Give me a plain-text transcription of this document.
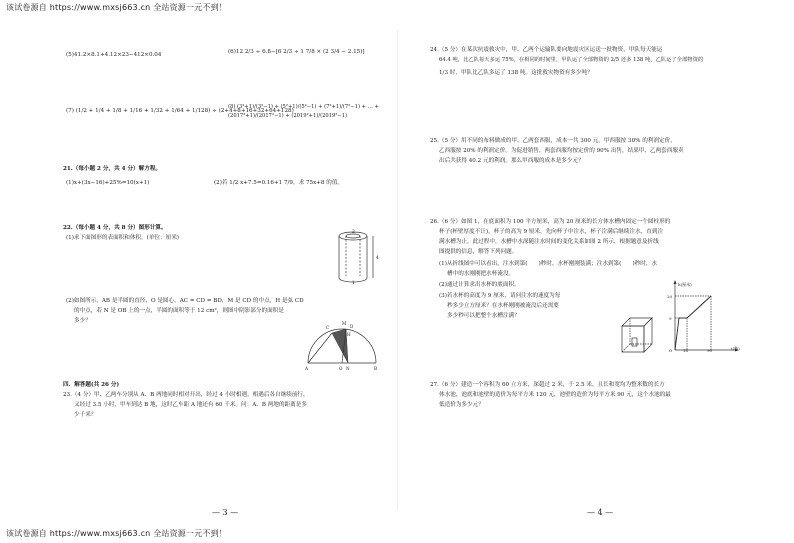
该试卷源自 https://www.mxsj663.cn 全站资源一元不到！
该试卷源自 https://www.mxsj663.cn 全站资源一元不到！
(5)41.2×8.1+4.12×23−412×0.04	(6)12 2/3 ÷ 6.8−[6 2/3 ÷ 1 7/8 × (2 3/4 − 2.15)]
(7) (1/2 + 1/4 + 1/8 + 1/16 + 1/32 + 1/64 + 1/128) ÷ (2+4+8+16+32+64+128)
(8) (3²+1)/(3²−1) + (5²+1)/(5²−1) + (7²+1)/(7²−1) + … + (2017²+1)/(2017²−1) + (2019²+1)/(2019²−1)
21.（每小题 2 分，共 4 分）解方程。
(1)x+(3x−16)+25%=10(x+1)	(2)若 1/2 x+7.5=0.16+1 7/9，求 75x+8 的值。
22.（每小题 4 分，共 8 分）图形计算。
(1)求下面图形的表面积和体积。(单位：厘米)
2
4
1
(2)如图所示，AB 是半圆的直径，O 是圆心，AC = CD = BD，M 是 CD 的中点，H 是弦 CD
的中点，若 N 是 OB 上的一点，半圆的面积等于 12 cm²，则图中阴影部分的面积是
多少？
C	D
M
H
A	O N	B
四．解答题(共 26 分)
23.（4 分）甲、乙两车分别从 A、B 两地同时相对开出，经过 4 小时相遇，相遇后各自继续前行，
又经过 3.5 小时，甲车到达 B 地，这时乙车距 A 地还有 60 千米。问：A、B 两地的距离是多
少千米？
— 3 —
24.（5 分）在某次抗震救灾中，甲、乙两个运输队要向地震灾区运送一批物资，甲队每天能运
64.4 吨，比乙队每天多运 75%，在相同的时间里，甲队运了全部物资的 2/5 还多 138 吨，乙队运了全部物资的
1/3 时，甲队比乙队多运了 138 吨。这批救灾物资有多少吨？
25.（5 分）用不同的布料做成的甲、乙两套西服，成本一共 300 元。甲西服按 30% 的利润定价，
乙西服按 20% 的利润定价。为促进销售，两套西服均按定价的 90% 出售，结果甲、乙两套西服卖
出后共获得 40.2 元的利润。那么甲西服的成本是多少元？
26.（6 分）如图 1，在底面积为 100 平方厘米，高为 20 厘米的长方体水槽内固定一个圆柱形的
杯子(杯壁厚度不计)，杯子的高为 9 厘米，先向杯子中注水，杯子注满后继续注水，直到注
满水槽为止。此过程中，水槽中水深随注水时间的变化关系如图 2 所示，根据题意及折线
图提供的信息，解答下列问题。
(1)从折线图中可以看出，注水到第(　　)秒时，水杯刚刚装满；注水到第(　　)秒时，水
槽中的水刚刚把水杯淹没。
(2)通过计算求出水杯的底面积。
(3)若水杯的高度为 9 厘米，请问注水的速度为每
秒多少立方厘米？在水杯刚刚被淹没后还需要
多少秒可以把整个水槽注满？
h(厘米)
20
9
O	18	90	t(秒)
27.（6 分）建造一个容积为 60 立方米，深超过 2 米，于 2.5 米，且长和宽均为整米数的长方
体水池，池底和池壁的造价为每平方米 120 元，池壁的造价为每平方米 90 元，这个水池的最
低造价为多少元？
— 4 —
